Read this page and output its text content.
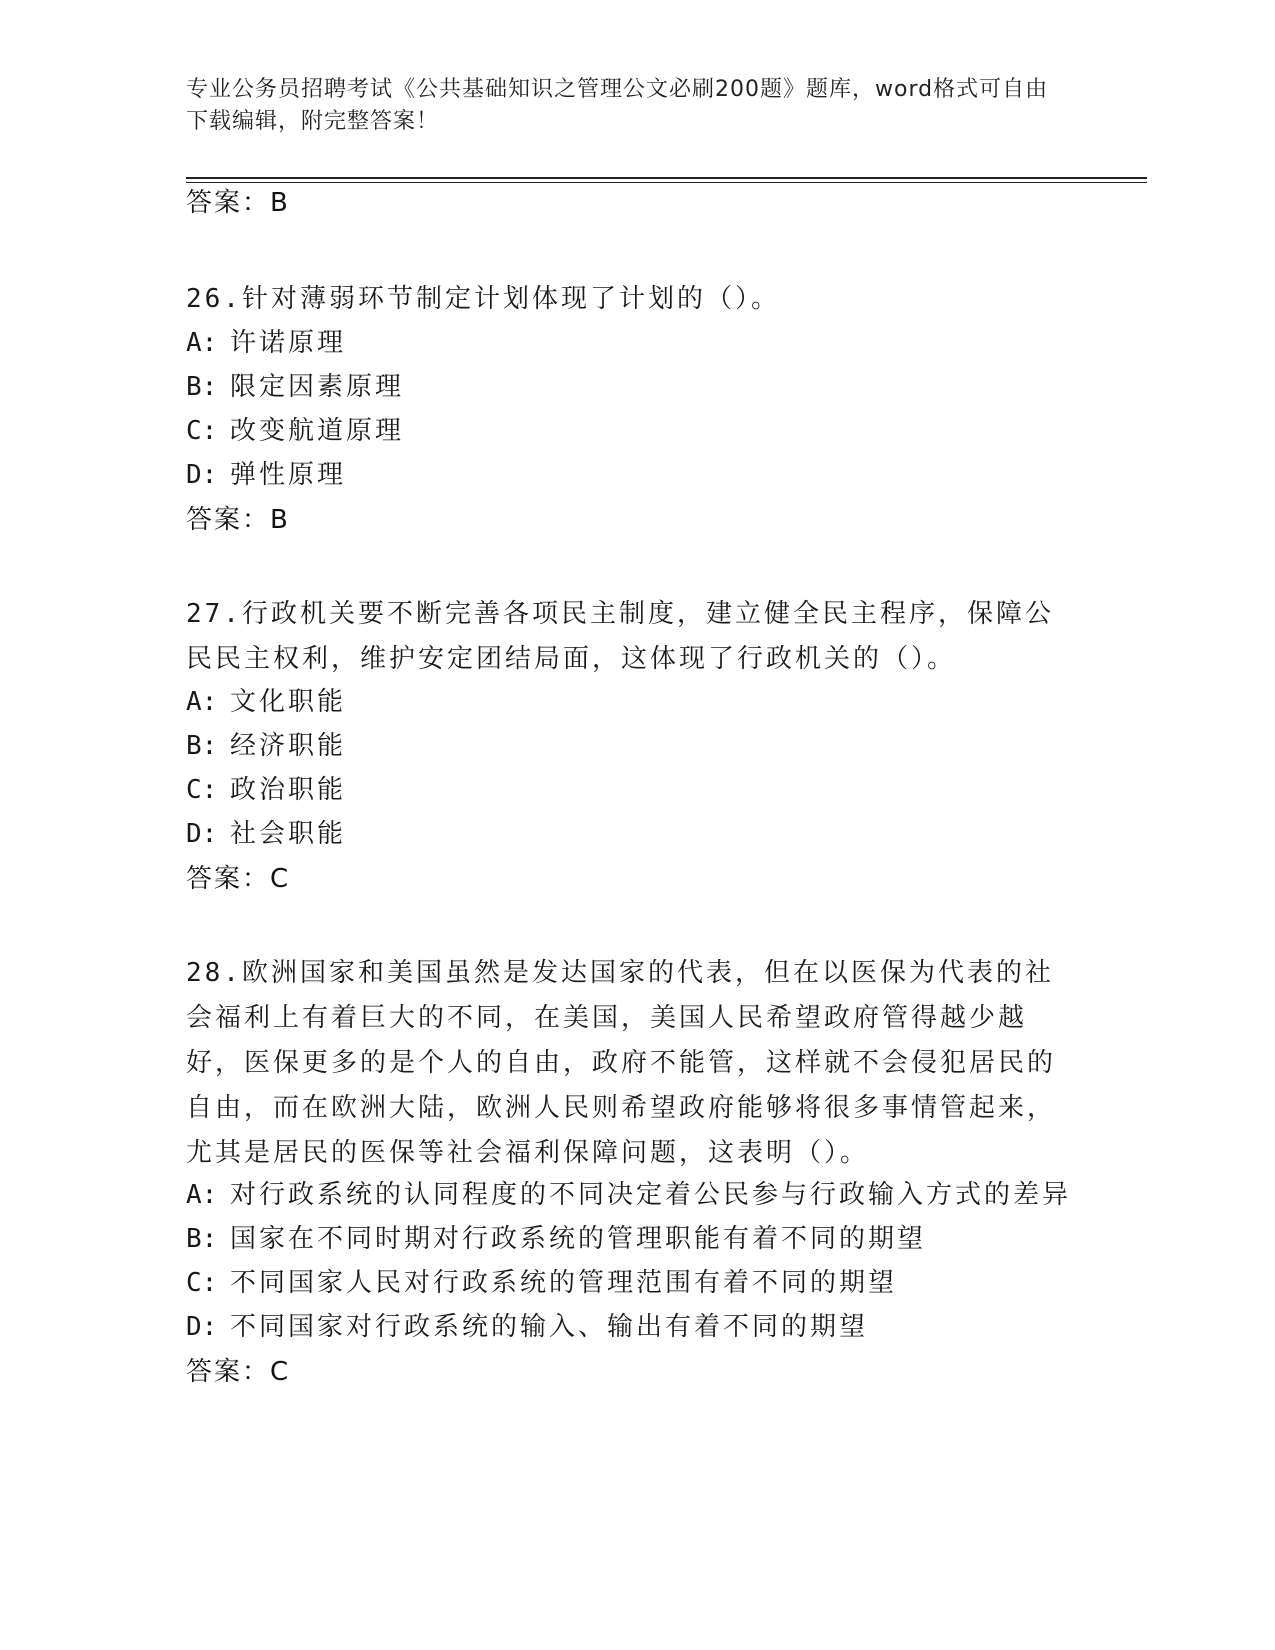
专业公务员招聘考试《公共基础知识之管理公文必刷200题》题库，word格式可自由下载编辑，附完整答案！
答案：B
26.针对薄弱环节制定计划体现了计划的（）。
A: 许诺原理
B: 限定因素原理
C: 改变航道原理
D: 弹性原理
答案：B
27.行政机关要不断完善各项民主制度，建立健全民主程序，保障公民民主权利，维护安定团结局面，这体现了行政机关的（）。
A: 文化职能
B: 经济职能
C: 政治职能
D: 社会职能
答案：C
28.欧洲国家和美国虽然是发达国家的代表，但在以医保为代表的社会福利上有着巨大的不同，在美国，美国人民希望政府管得越少越好，医保更多的是个人的自由，政府不能管，这样就不会侵犯居民的自由，而在欧洲大陆，欧洲人民则希望政府能够将很多事情管起来，尤其是居民的医保等社会福利保障问题，这表明（）。
A: 对行政系统的认同程度的不同决定着公民参与行政输入方式的差异
B: 国家在不同时期对行政系统的管理职能有着不同的期望
C: 不同国家人民对行政系统的管理范围有着不同的期望
D: 不同国家对行政系统的输入、输出有着不同的期望
答案：C
